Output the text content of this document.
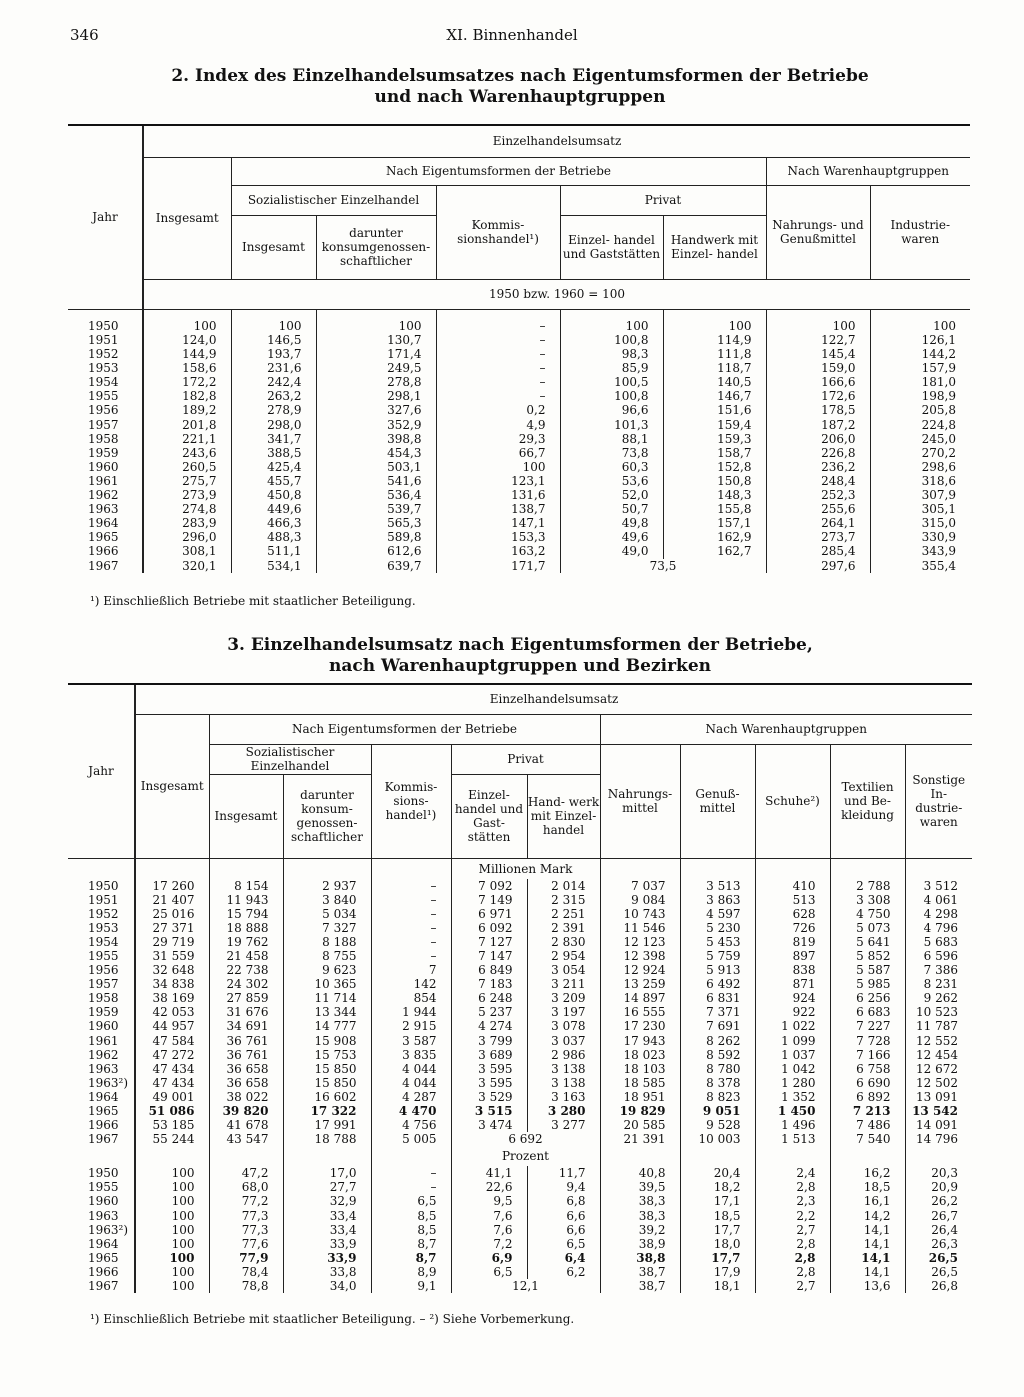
346	XI. Binnenhandel
2. Index des Einzelhandelsumsatzes nach Eigentumsformen der Betriebe
und nach Warenhauptgruppen
Jahr	Einzelhandelsumsatz							
	Insgesamt	Nach Eigentumsformen der Betriebe					Nach Warenhauptgruppen	
		Sozialistischer Einzelhandel		Kommis- sionshandel¹)	Privat		Nahrungs- und Genußmittel	Industrie- waren
		Insgesamt	darunter konsumgenossen- schaftlicher		Einzel- handel und Gaststätten	Handwerk mit Einzel- handel		
	1950 bzw. 1960 = 100							
1950	100	100	100	–	100	100	100	100
1951	124,0	146,5	130,7	–	100,8	114,9	122,7	126,1
1952	144,9	193,7	171,4	–	98,3	111,8	145,4	144,2
1953	158,6	231,6	249,5	–	85,9	118,7	159,0	157,9
1954	172,2	242,4	278,8	–	100,5	140,5	166,6	181,0
1955	182,8	263,2	298,1	–	100,8	146,7	172,6	198,9
1956	189,2	278,9	327,6	0,2	96,6	151,6	178,5	205,8
1957	201,8	298,0	352,9	4,9	101,3	159,4	187,2	224,8
1958	221,1	341,7	398,8	29,3	88,1	159,3	206,0	245,0
1959	243,6	388,5	454,3	66,7	73,8	158,7	226,8	270,2
1960	260,5	425,4	503,1	100	60,3	152,8	236,2	298,6
1961	275,7	455,7	541,6	123,1	53,6	150,8	248,4	318,6
1962	273,9	450,8	536,4	131,6	52,0	148,3	252,3	307,9
1963	274,8	449,6	539,7	138,7	50,7	155,8	255,6	305,1
1964	283,9	466,3	565,3	147,1	49,8	157,1	264,1	315,0
1965	296,0	488,3	589,8	153,3	49,6	162,9	273,7	330,9
1966	308,1	511,1	612,6	163,2	49,0	162,7	285,4	343,9
1967	320,1	534,1	639,7	171,7	73,5		297,6	355,4
¹) Einschließlich Betriebe mit staatlicher Beteiligung.
3. Einzelhandelsumsatz nach Eigentumsformen der Betriebe,
nach Warenhauptgruppen und Bezirken
Jahr	Einzelhandelsumsatz										
	Insgesamt	Nach Eigentumsformen der Betriebe					Nach Warenhauptgruppen				
		Sozialistischer Einzelhandel		Kommis- sions- handel¹)	Privat		Nahrungs- mittel	Genuß- mittel	Schuhe²)	Textilien und Be- kleidung	Sonstige In- dustrie- waren
		Insgesamt	darunter konsum- genossen- schaftlicher		Einzel- handel und Gast- stätten	Hand- werk mit Einzel- handel					
					Millionen Mark						
1950	17 260	8 154	2 937	–	7 092	2 014	7 037	3 513	410	2 788	3 512
1951	21 407	11 943	3 840	–	7 149	2 315	9 084	3 863	513	3 308	4 061
1952	25 016	15 794	5 034	–	6 971	2 251	10 743	4 597	628	4 750	4 298
1953	27 371	18 888	7 327	–	6 092	2 391	11 546	5 230	726	5 073	4 796
1954	29 719	19 762	8 188	–	7 127	2 830	12 123	5 453	819	5 641	5 683
1955	31 559	21 458	8 755	–	7 147	2 954	12 398	5 759	897	5 852	6 596
1956	32 648	22 738	9 623	7	6 849	3 054	12 924	5 913	838	5 587	7 386
1957	34 838	24 302	10 365	142	7 183	3 211	13 259	6 492	871	5 985	8 231
1958	38 169	27 859	11 714	854	6 248	3 209	14 897	6 831	924	6 256	9 262
1959	42 053	31 676	13 344	1 944	5 237	3 197	16 555	7 371	922	6 683	10 523
1960	44 957	34 691	14 777	2 915	4 274	3 078	17 230	7 691	1 022	7 227	11 787
1961	47 584	36 761	15 908	3 587	3 799	3 037	17 943	8 262	1 099	7 728	12 552
1962	47 272	36 761	15 753	3 835	3 689	2 986	18 023	8 592	1 037	7 166	12 454
1963	47 434	36 658	15 850	4 044	3 595	3 138	18 103	8 780	1 042	6 758	12 672
1963²)	47 434	36 658	15 850	4 044	3 595	3 138	18 585	8 378	1 280	6 690	12 502
1964	49 001	38 022	16 602	4 287	3 529	3 163	18 951	8 823	1 352	6 892	13 091
1965	51 086	39 820	17 322	4 470	3 515	3 280	19 829	9 051	1 450	7 213	13 542
1966	53 185	41 678	17 991	4 756	3 474	3 277	20 585	9 528	1 496	7 486	14 091
1967	55 244	43 547	18 788	5 005	6 692		21 391	10 003	1 513	7 540	14 796
					Prozent						
1950	100	47,2	17,0	–	41,1	11,7	40,8	20,4	2,4	16,2	20,3
1955	100	68,0	27,7	–	22,6	9,4	39,5	18,2	2,8	18,5	20,9
1960	100	77,2	32,9	6,5	9,5	6,8	38,3	17,1	2,3	16,1	26,2
1963	100	77,3	33,4	8,5	7,6	6,6	38,3	18,5	2,2	14,2	26,7
1963²)	100	77,3	33,4	8,5	7,6	6,6	39,2	17,7	2,7	14,1	26,4
1964	100	77,6	33,9	8,7	7,2	6,5	38,9	18,0	2,8	14,1	26,3
1965	100	77,9	33,9	8,7	6,9	6,4	38,8	17,7	2,8	14,1	26,5
1966	100	78,4	33,8	8,9	6,5	6,2	38,7	17,9	2,8	14,1	26,5
1967	100	78,8	34,0	9,1	12,1		38,7	18,1	2,7	13,6	26,8
¹) Einschließlich Betriebe mit staatlicher Beteiligung. – ²) Siehe Vorbemerkung.
